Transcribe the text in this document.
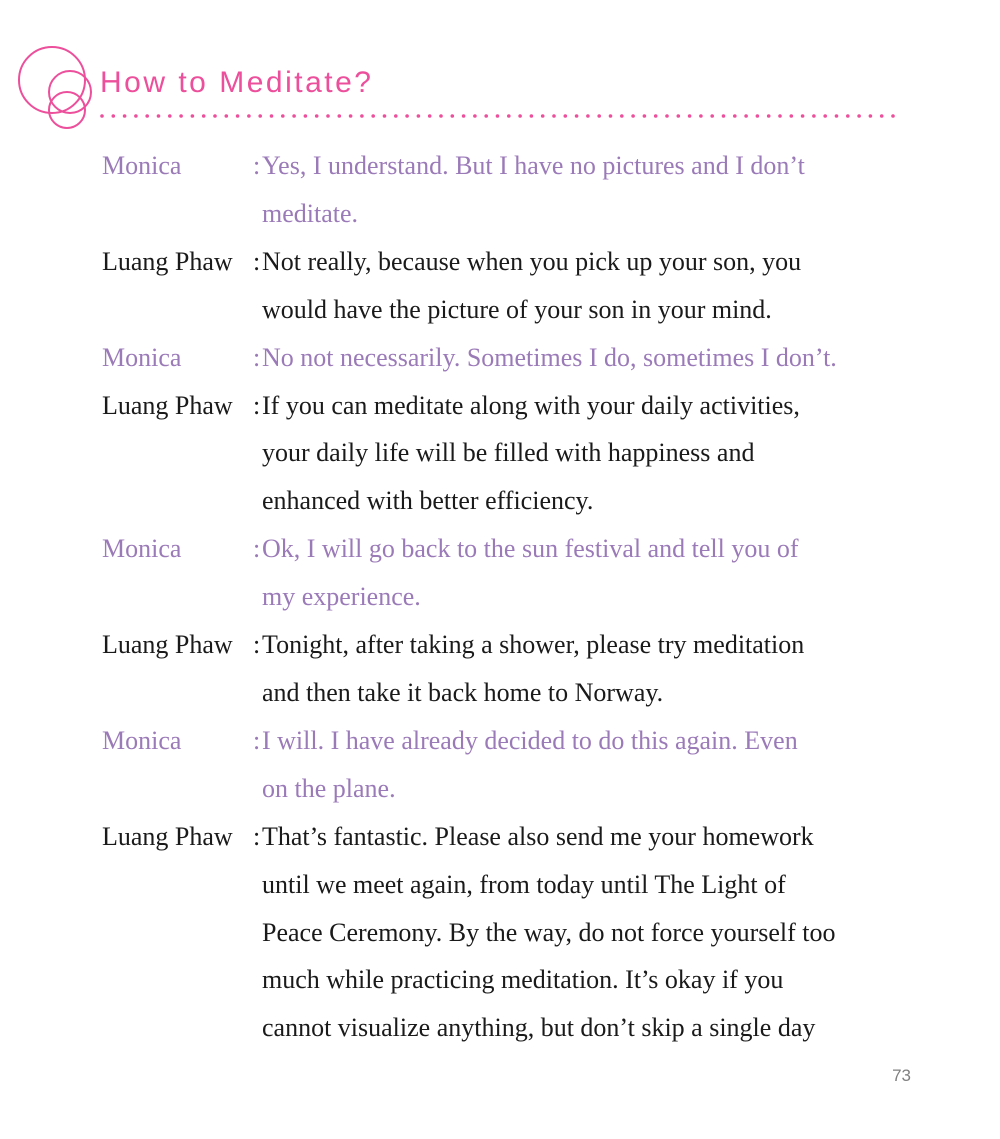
How to Meditate?
Monica	: Yes, I understand. But I have no pictures and I don’t
meditate.
Luang Phaw : Not really, because when you pick up your son, you
would have the picture of your son in your mind.
Monica	: No not necessarily. Sometimes I do, sometimes I don’t.
Luang Phaw : If you can meditate along with your daily activities,
your daily life will be filled with happiness and
enhanced with better efficiency.
Monica	: Ok, I will go back to the sun festival and tell you of
my experience.
Luang Phaw : Tonight, after taking a shower, please try meditation
and then take it back home to Norway.
Monica	: I will. I have already decided to do this again. Even
on the plane.
Luang Phaw : That’s fantastic. Please also send me your homework
until we meet again, from today until The Light of
Peace Ceremony. By the way, do not force yourself too
much while practicing meditation. It’s okay if you
cannot visualize anything, but don’t skip a single day
73
